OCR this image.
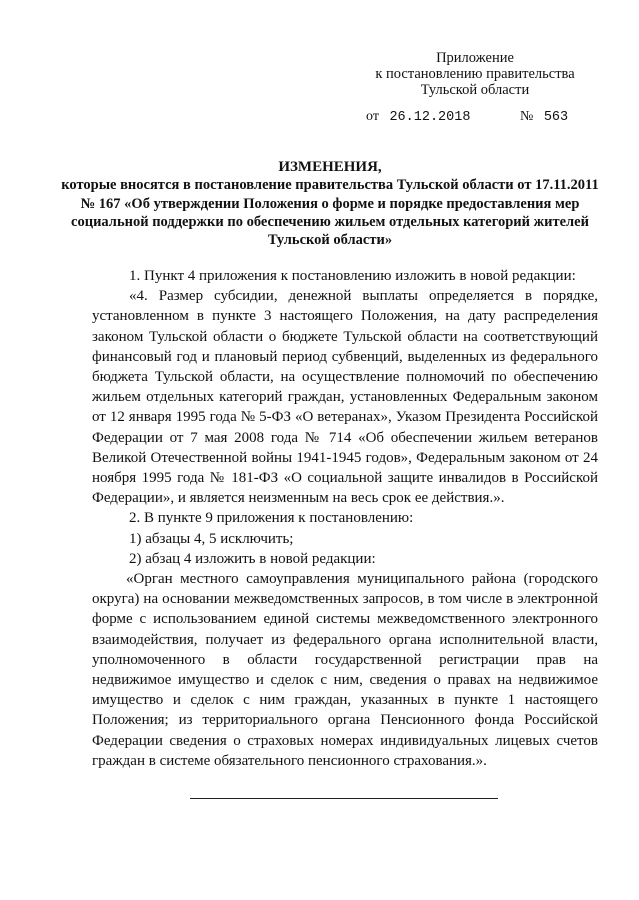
Приложение
к постановлению правительства
Тульской области
от 26.12.2018	№ 563
ИЗМЕНЕНИЯ,
которые вносятся в постановление правительства Тульской области от 17.11.2011 № 167 «Об утверждении Положения о форме и порядке предоставления мер социальной поддержки по обеспечению жильем отдельных категорий жителей Тульской области»

1. Пункт 4 приложения к постановлению изложить в новой редакции:

«4. Размер субсидии, денежной выплаты определяется в порядке, установленном в пункте 3 настоящего Положения, на дату распределения законом Тульской области о бюджете Тульской области на соответствующий финансовый год и плановый период субвенций, выделенных из федерального бюджета Тульской области, на осуществление полномочий по обеспечению жильем отдельных категорий граждан, установленных Федеральным законом от 12 января 1995 года № 5-ФЗ «О ветеранах», Указом Президента Российской Федерации от 7 мая 2008 года № 714 «Об обеспечении жильем ветеранов Великой Отечественной войны 1941-1945 годов», Федеральным законом от 24 ноября 1995 года № 181-ФЗ «О социальной защите инвалидов в Российской Федерации», и является неизменным на весь срок ее действия.».

2. В пункте 9 приложения к постановлению:

1) абзацы 4, 5 исключить;

2) абзац 4 изложить в новой редакции:

«Орган местного самоуправления муниципального района (городского округа) на основании межведомственных запросов, в том числе в электронной форме с использованием единой системы межведомственного электронного взаимодействия, получает из федерального органа исполнительной власти, уполномоченного в области государственной регистрации прав на недвижимое имущество и сделок с ним, сведения о правах на недвижимое имущество и сделок с ним граждан, указанных в пункте 1 настоящего Положения; из территориального органа Пенсионного фонда Российской Федерации сведения о страховых номерах индивидуальных лицевых счетов граждан в системе обязательного пенсионного страхования.».
